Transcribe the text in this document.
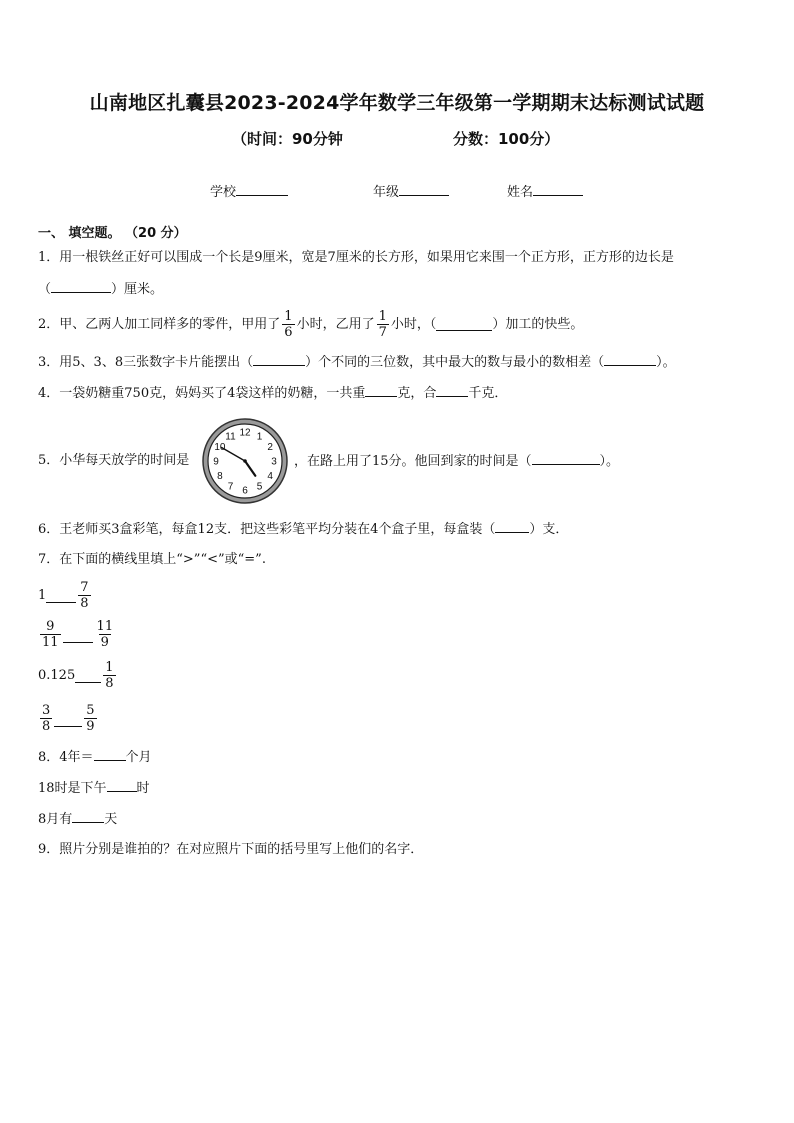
山南地区扎囊县2023-2024学年数学三年级第一学期期末达标测试试题
（时间：90分钟	分数：100分）
学校	年级	姓名
一、 填空题。 （20 分）
1．用一根铁丝正好可以围成一个长是9厘米，宽是7厘米的长方形，如果用它来围一个正方形，正方形的边长是
（	）厘米。
2．甲、乙两人加工同样多的零件，甲用了 $\frac{1}{6}$ 小时，乙用了 $\frac{1}{7}$ 小时，（	）加工的快些。
3．用5、3、8三张数字卡片能摆出（	）个不同的三位数，其中最大的数与最小的数相差（	）。
4．一袋奶糖重750克，妈妈买了4袋这样的奶糖，一共重 克，合 千克．
5．小华每天放学的时间是
12 1
2
3
4
5
6
7
8
9
10
11
，在路上用了15分。他回到家的时间是（	）。
6．王老师买3盒彩笔，每盒12支．把这些彩笔平均分装在4个盒子里，每盒装（	）支．
7．在下面的横线里填上“>”“<”或“=”.
$1 \frac{7}{8}$
$\frac{9}{11}$	$\frac{11}{9}$
$0.125 \frac{1}{8}$
$\frac{3}{8} \frac{5}{9}$
8．4年＝ 个月
18时是下午 时
8月有 天
9．照片分别是谁拍的？在对应照片下面的括号里写上他们的名字．
